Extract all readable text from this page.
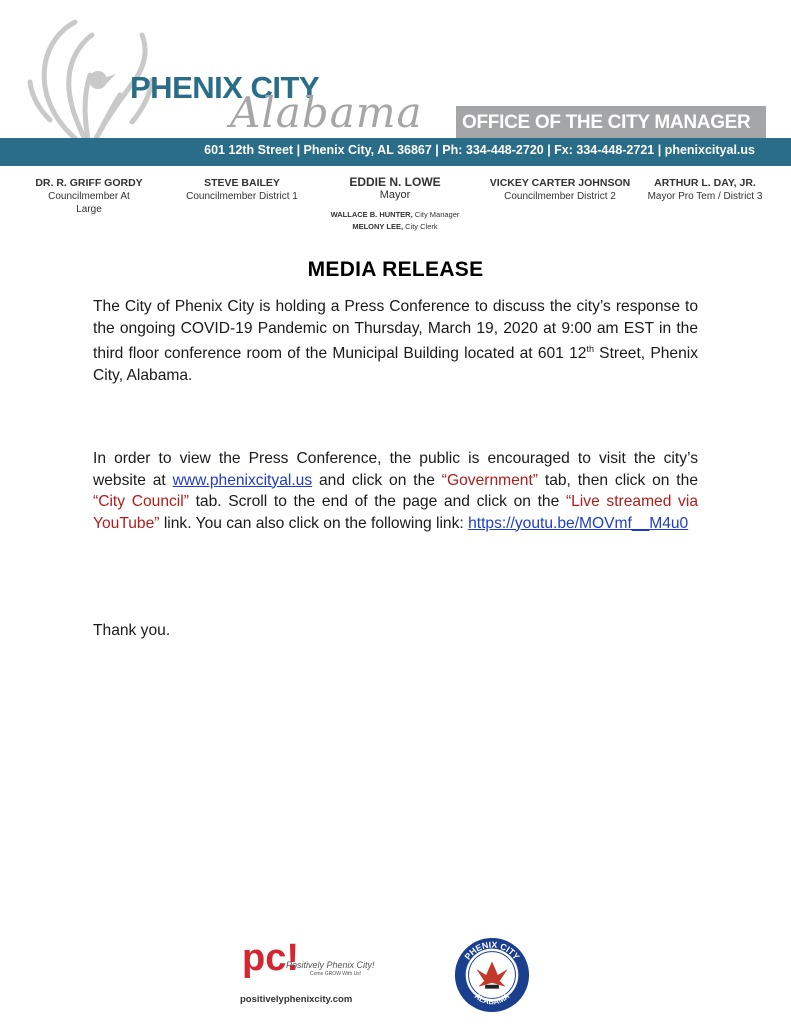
PHENIX CITY
Alabama OFFICE OF THE CITY MANAGER
601 12th Street | Phenix City, AL 36867 | Ph: 334-448-2720 | Fx: 334-448-2721 | phenixcityal.us
DR. R. GRIFF GORDY
Councilmember At Large
STEVE BAILEY
Councilmember District 1
EDDIE N. LOWE
Mayor
VICKEY CARTER JOHNSON
Councilmember District 2
ARTHUR L. DAY, JR.
Mayor Pro Tem / District 3
WALLACE B. HUNTER, City Manager
MELONY LEE, City Clerk
MEDIA RELEASE
The City of Phenix City is holding a Press Conference to discuss the city’s response to the ongoing COVID-19 Pandemic on Thursday, March 19, 2020 at 9:00 am EST in the third floor conference room of the Municipal Building located at 601 12th Street, Phenix City, Alabama.
In order to view the Press Conference, the public is encouraged to visit the city’s website at www.phenixcityal.us and click on the “Government” tab, then click on the “City Council” tab. Scroll to the end of the page and click on the “Live streamed via YouTube” link. You can also click on the following link: https://youtu.be/MOVmf__M4u0
Thank you.
pc!
Positively Phenix City!
Come GROW With Us!
positivelyphenixcity.com
PHENIX CITY
ALABAMA
